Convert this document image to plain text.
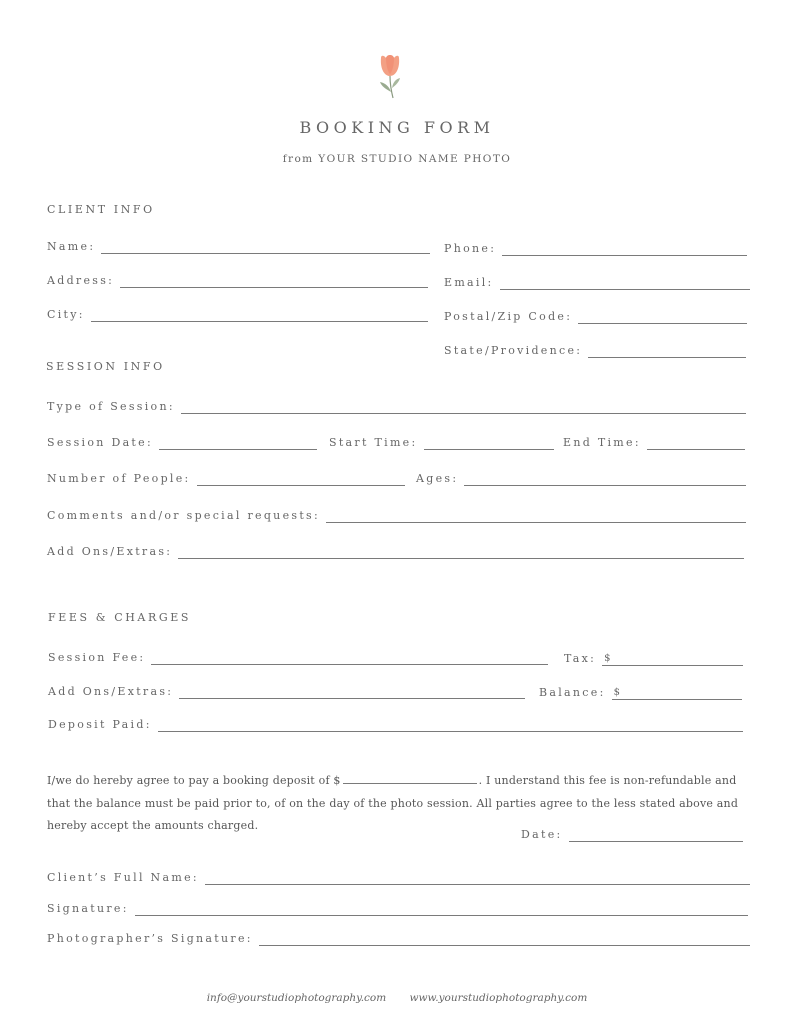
BOOKING FORM
from YOUR STUDIO NAME PHOTO
CLIENT INFO
Name:	Phone:
Address:	Email:
City:	Postal/Zip Code:
State/Providence:
SESSION INFO
Type of Session:
Session Date:	Start Time:	End Time:
Number of People:	Ages:
Comments and/or special requests:
Add Ons/Extras:
FEES & CHARGES
Session Fee:	Tax: $
Add Ons/Extras:	Balance: $
Deposit Paid:
I/we do hereby agree to pay a booking deposit of $	. I understand this fee is non-refundable and that the balance must be paid prior to, of on the day of the photo session. All parties agree to the less stated above and hereby accept the amounts charged.
Date:
Client’s Full Name:
Signature:
Photographer’s Signature:
info@yourstudiophotography.com www.yourstudiophotography.com
